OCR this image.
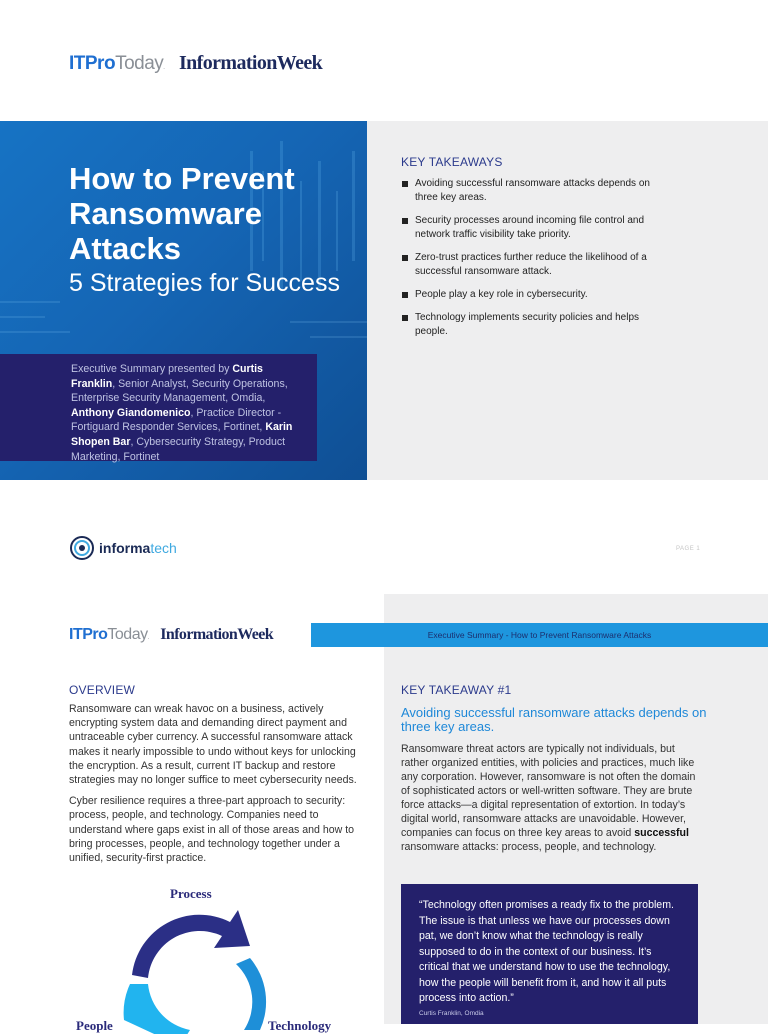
ITPro Today . InformationWeek
How to Prevent Ransomware Attacks
5 Strategies for Success
Executive Summary presented by Curtis Franklin, Senior Analyst, Security Operations, Enterprise Security Management, Omdia, Anthony Giandomenico, Practice Director - Fortiguard Responder Services, Fortinet, Karin Shopen Bar, Cybersecurity Strategy, Product Marketing, Fortinet
KEY TAKEAWAYS
Avoiding successful ransomware attacks depends on three key areas.
Security processes around incoming file control and network traffic visibility take priority.
Zero-trust practices further reduce the likelihood of a successful ransomware attack.
People play a key role in cybersecurity.
Technology implements security policies and helps people.
informa tech	PAGE 1
ITPro Today . InformationWeek	Executive Summary - How to Prevent Ransomware Attacks
OVERVIEW

Ransomware can wreak havoc on a business, actively encrypting system data and demanding direct payment and untraceable cyber currency. A successful ransomware attack makes it nearly impossible to undo without keys for unlocking the encryption. As a result, current IT backup and restore strategies may no longer suffice to meet cybersecurity needs.

Cyber resilience requires a three-part approach to security: process, people, and technology. Companies need to understand where gaps exist in all of those areas and how to bring processes, people, and technology together under a unified, security-first practice.

Process
People	Technology
KEY TAKEAWAY #1
Avoiding successful ransomware attacks depends on three key areas.
Ransomware threat actors are typically not individuals, but rather organized entities, with policies and practices, much like any corporation. However, ransomware is not often the domain of sophisticated actors or well-written software. They are brute force attacks—a digital representation of extortion. In today’s digital world, ransomware attacks are unavoidable. However, companies can focus on three key areas to avoid successful ransomware attacks: process, people, and technology.
“Technology often promises a ready fix to the problem. The issue is that unless we have our processes down pat, we don’t know what the technology is really supposed to do in the context of our business. It’s critical that we understand how to use the technology, how the people will benefit from it, and how it all puts process into action.”
Curtis Franklin, Omdia
